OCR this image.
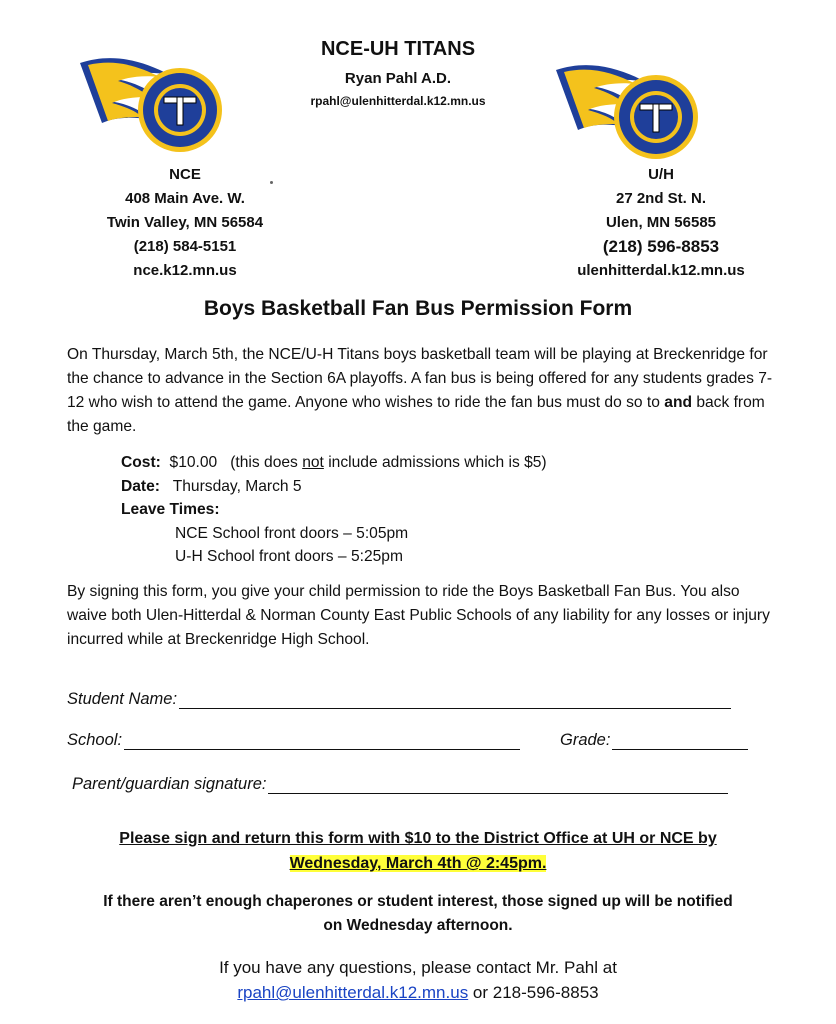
NCE-UH TITANS
Ryan Pahl A.D.
rpahl@ulenhitterdal.k12.mn.us
NCE
408 Main Ave. W.
Twin Valley, MN 56584
(218) 584-5151
nce.k12.mn.us
U/H
27 2nd St. N.
Ulen, MN 56585
(218) 596-8853
ulenhitterdal.k12.mn.us
Boys Basketball Fan Bus Permission Form
On Thursday, March 5th, the NCE/U-H Titans boys basketball team will be playing at Breckenridge for the chance to advance in the Section 6A playoffs. A fan bus is being offered for any students grades 7-12 who wish to attend the game. Anyone who wishes to ride the fan bus must do so to and back from the game.
Cost: $10.00 (this does not include admissions which is $5)
Date: Thursday, March 5
Leave Times:
NCE School front doors – 5:05pm
U-H School front doors – 5:25pm
By signing this form, you give your child permission to ride the Boys Basketball Fan Bus. You also waive both Ulen-Hitterdal & Norman County East Public Schools of any liability for any losses or injury incurred while at Breckenridge High School.
Student Name:
School:	Grade:
Parent/guardian signature:
Please sign and return this form with $10 to the District Office at UH or NCE by
Wednesday, March 4th @ 2:45pm.
If there aren’t enough chaperones or student interest, those signed up will be notified
on Wednesday afternoon.
If you have any questions, please contact Mr. Pahl at
rpahl@ulenhitterdal.k12.mn.us or 218-596-8853
